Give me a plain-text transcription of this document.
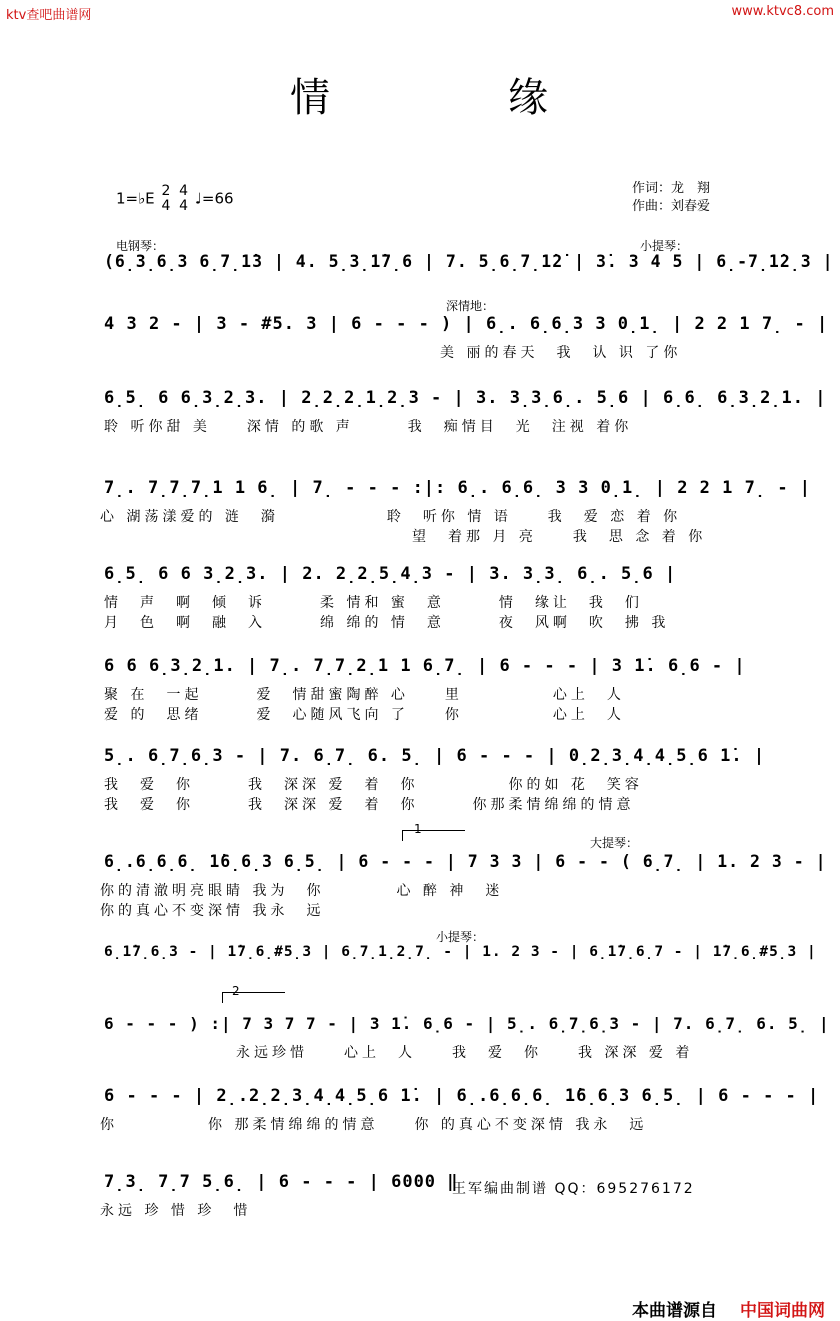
ktv查吧曲谱网	www.ktvc8.com
情	缘
1=♭E 2
4 4
4 ♩=66
作词：龙　翔
作曲：刘春爱
电钢琴：	小提琴：
深情地：
大提琴：
小提琴：
1
2
(6̣3̣6̣3 6̣7̣1̇3 | 4. 5̣3̣1̇7̣6 | 7. 5̣6̣7̣1̇2̇ | 3̇. 3 4 5 | 6̣-7̣1̇2̣3 |
4 3 2 - | 3 - #5. 3 | 6 - - - ) | 6̣. 6̣6̣3 3 0̣1̣ | 2 2 1 7̣ - |
美 丽的春天　我　认 识 了你
6̣5̣ 6 6̣3̣2̣3. | 2̣2̣2̣1̣2̣3 - | 3. 3̣3̣6̣. 5̣6 | 6̣6̣ 6̣3̣2̣1. |
聆 听你甜 美　　深情 的歌 声　　　我　痴情目　光　注视 着你
7̣. 7̣7̣7̣1 1 6̣ | 7̣ - - - :|: 6̣. 6̣6̣ 3 3 0̣1̣ | 2 2 1 7̣ - |
心 湖荡漾爱的 涟　漪　　　　　　聆　听你 情 语　　我　爱 恋 着 你
望　着那 月 亮　　我　思 念 着 你
6̣5̣ 6 6 3̣2̣3. | 2. 2̣2̣5̣4̣3 - | 3. 3̣3̣ 6̣. 5̣6 |
情　声　啊　倾　诉　　　柔 情和 蜜　意　　　情　缘让　我　们
月　色　啊　融　入　　　绵 绵的 情　意　　　夜　风啊　吹　拂 我
6 6 6̣3̣2̣1. | 7̣. 7̣7̣2̣1 1 6̣7̣ | 6 - - - | 3 1̇. 6̣6 - |
聚 在　一起　　　爱　情甜蜜陶醉 心　　里　　　　　心上　人
爱 的　思绪　　　爱　心随风飞向 了　　你　　　　　心上　人
5̣. 6̣7̣6̣3 - | 7. 6̣7̣ 6. 5̣ | 6 - - - | 0̣2̣3̣4̣4̣5̣6 1̇. |
我　爱　你　　　我　深深 爱　着　你　　　　　你的如 花　笑容
我　爱　你　　　我　深深 爱　着　你　　　你那柔情绵绵的情意
6̣.6̣6̣6̣ 1̇6̣6̣3 6̣5̣ | 6 - - - | 7 3 3 | 6 - - ( 6̣7̣ | 1. 2 3 - |
你的清澈明亮眼睛 我为　你　　　　心 醉 神　迷
你的真心不变深情 我永　远
6̣1̇7̣6̣3 - | 1̇7̣6̣#5̣3 | 6̣7̣1̣2̣7̣ - | 1. 2 3 - | 6̣1̇7̣6̣7 - | 1̇7̣6̣#5̣3 |
6 - - - ) :| 7 3 7 7 - | 3 1̇. 6̣6 - | 5̣. 6̣7̣6̣3 - | 7. 6̣7̣ 6. 5̣ |
永远珍惜　　心上　人　　我　爱　你　　我 深深 爱 着
6 - - - | 2̣.2̣2̣3̣4̣4̣5̣6 1̇. | 6̣.6̣6̣6̣ 1̇6̣6̣3 6̣5̣ | 6 - - - |
你　　　　　你 那柔情绵绵的情意　　你 的真心不变深情 我永　远
7̣3̣ 7̣7 5̣6̣ | 6 - - - | 6000 ‖
永远 珍 惜 珍　惜
王军编曲制谱 QQ：695276172
本曲谱源自 中国词曲网
